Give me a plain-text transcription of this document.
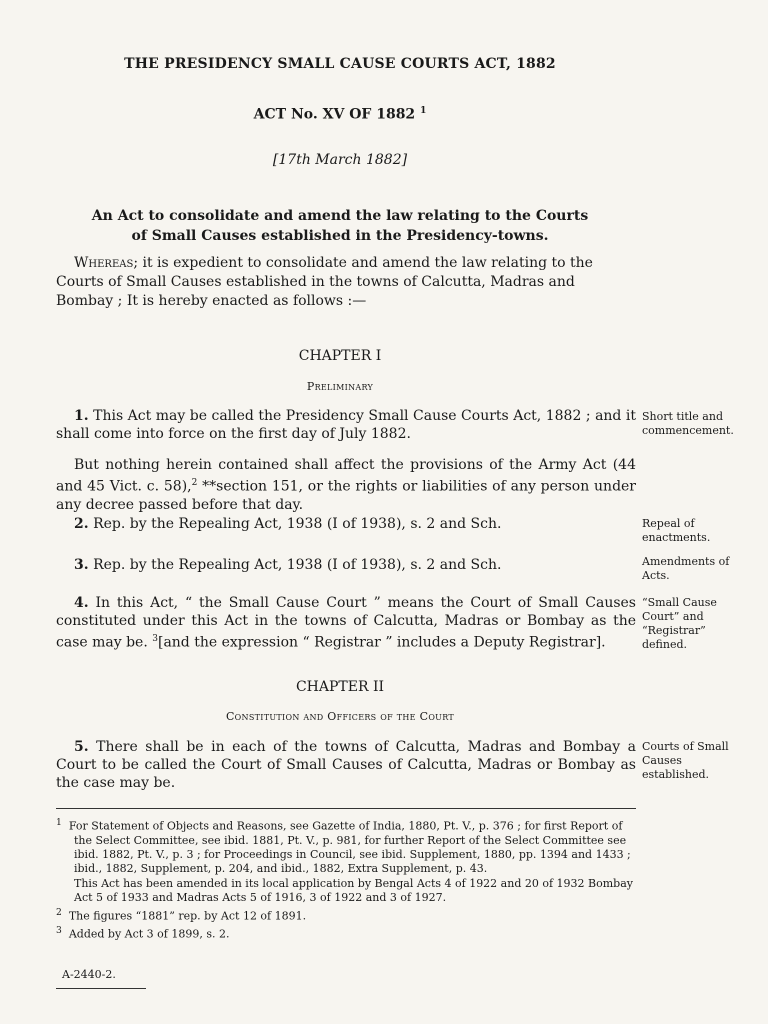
THE PRESIDENCY SMALL CAUSE COURTS ACT, 1882
ACT No. XV OF 1882 $^1$
[17th March 1882]
An Act to consolidate and amend the law relating to the Courts
of Small Causes established in the Presidency-towns.
Whereas; it is expedient to consolidate and amend the law relating to the Courts of Small Causes established in the towns of Calcutta, Madras and Bombay ; It is hereby enacted as follows :—
CHAPTER I
Preliminary
1. This Act may be called the Presidency Small Cause Courts Act, 1882 ; and it shall come into force on the first day of July 1882.
But nothing herein contained shall affect the provisions of the Army Act (44 and 45 Vict. c. 58),$^2$ **section 151, or the rights or liabilities of any person under any decree passed before that day.
Short title and commencement.
2. Rep. by the Repealing Act, 1938 (I of 1938), s. 2 and Sch.	Repeal of enactments.
3. Rep. by the Repealing Act, 1938 (I of 1938), s. 2 and Sch.	Amendments of Acts.
4. In this Act, “ the Small Cause Court ” means the Court of Small Causes constituted under this Act in the towns of Calcutta, Madras or Bombay as the case may be. $^3$[and the expression “ Registrar ” includes a Deputy Registrar].
“Small Cause Court” and “Registrar” defined.
CHAPTER II
Constitution and Officers of the Court
5. There shall be in each of the towns of Calcutta, Madras and Bombay a Court to be called the Court of Small Causes of Calcutta, Madras or Bombay as the case may be.
Courts of Small Causes established.
$^1$ For Statement of Objects and Reasons, see Gazette of India, 1880, Pt. V., p. 376 ; for first Report of the Select Committee, see ibid. 1881, Pt. V., p. 981, for further Report of the Select Committee see ibid. 1882, Pt. V., p. 3 ; for Proceedings in Council, see ibid. Supplement, 1880, pp. 1394 and 1433 ; ibid., 1882, Supplement, p. 204, and ibid., 1882, Extra Supplement, p. 43.
This Act has been amended in its local application by Bengal Acts 4 of 1922 and 20 of 1932 Bombay Act 5 of 1933 and Madras Acts 5 of 1916, 3 of 1922 and 3 of 1927.
$^2$ The figures “1881” rep. by Act 12 of 1891.
$^3$ Added by Act 3 of 1899, s. 2.
A-2440-2.
